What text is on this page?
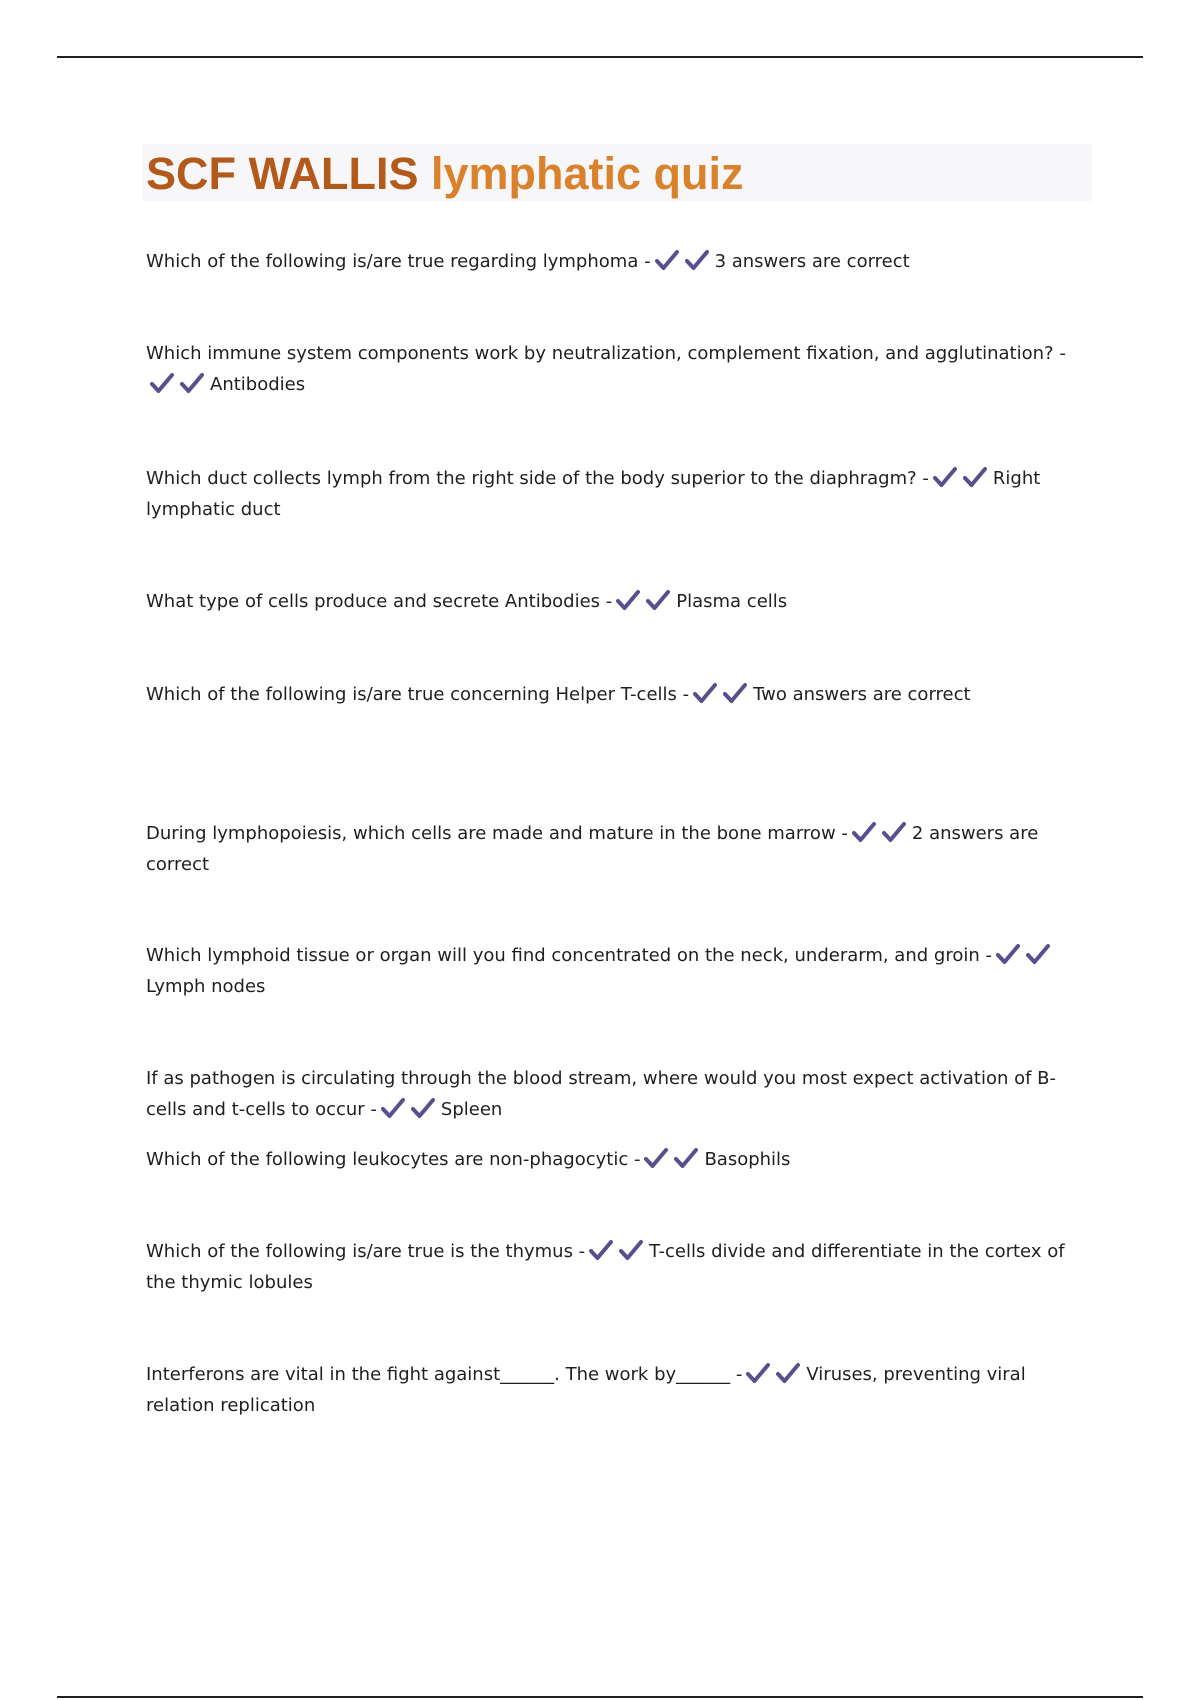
SCF WALLIS lymphatic quiz

Which of the following is/are true regarding lymphoma -	3 answers are correct

Which immune system components work by neutralization, complement fixation, and agglutination? -
Antibodies

Which duct collects lymph from the right side of the body superior to the diaphragm? -	Right lymphatic duct

What type of cells produce and secrete Antibodies -	Plasma cells

Which of the following is/are true concerning Helper T-cells -	Two answers are correct

During lymphopoiesis, which cells are made and mature in the bone marrow -	2 answers are correct

Which lymphoid tissue or organ will you find concentrated on the neck, underarm, and groin -
Lymph nodes

If as pathogen is circulating through the blood stream, where would you most expect activation of B-cells and t-cells to occur -	Spleen

Which of the following leukocytes are non-phagocytic -	Basophils

Which of the following is/are true is the thymus -	T-cells divide and differentiate in the cortex of the thymic lobules

Interferons are vital in the fight against______. The work by______ -	Viruses, preventing viral relation replication
